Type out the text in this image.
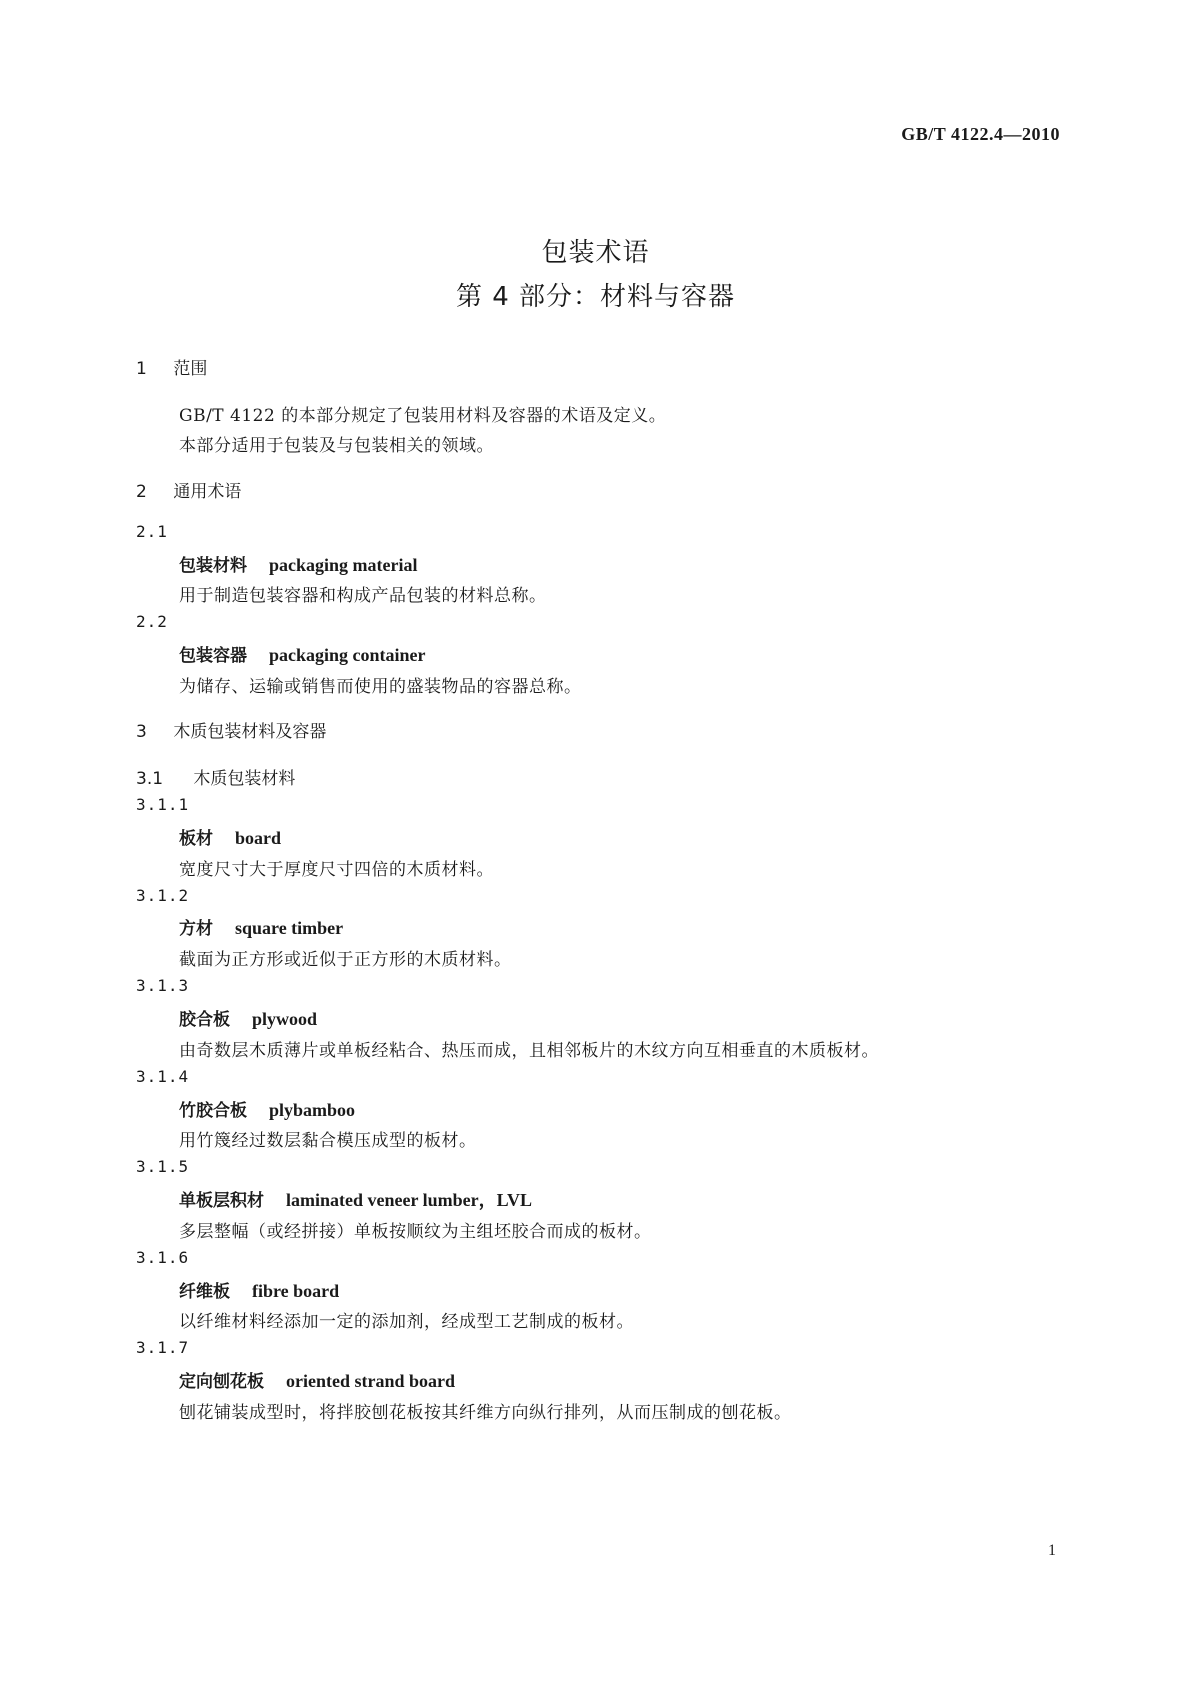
GB/T 4122.4—2010
包装术语
第 4 部分：材料与容器
1 范围
GB/T 4122 的本部分规定了包装用材料及容器的术语及定义。
本部分适用于包装及与包装相关的领域。
2 通用术语
2.1
包装材料 packaging material
用于制造包装容器和构成产品包装的材料总称。
2.2
包装容器 packaging container
为储存、运输或销售而使用的盛装物品的容器总称。
3 木质包装材料及容器
3.1 木质包装材料
3.1.1
板材 board
宽度尺寸大于厚度尺寸四倍的木质材料。
3.1.2
方材 square timber
截面为正方形或近似于正方形的木质材料。
3.1.3
胶合板 plywood
由奇数层木质薄片或单板经粘合、热压而成，且相邻板片的木纹方向互相垂直的木质板材。
3.1.4
竹胶合板 plybamboo
用竹篾经过数层黏合模压成型的板材。
3.1.5
单板层积材 laminated veneer lumber，LVL
多层整幅（或经拼接）单板按顺纹为主组坯胶合而成的板材。
3.1.6
纤维板 fibre board
以纤维材料经添加一定的添加剂，经成型工艺制成的板材。
3.1.7
定向刨花板 oriented strand board
刨花铺装成型时，将拌胶刨花板按其纤维方向纵行排列，从而压制成的刨花板。
1
